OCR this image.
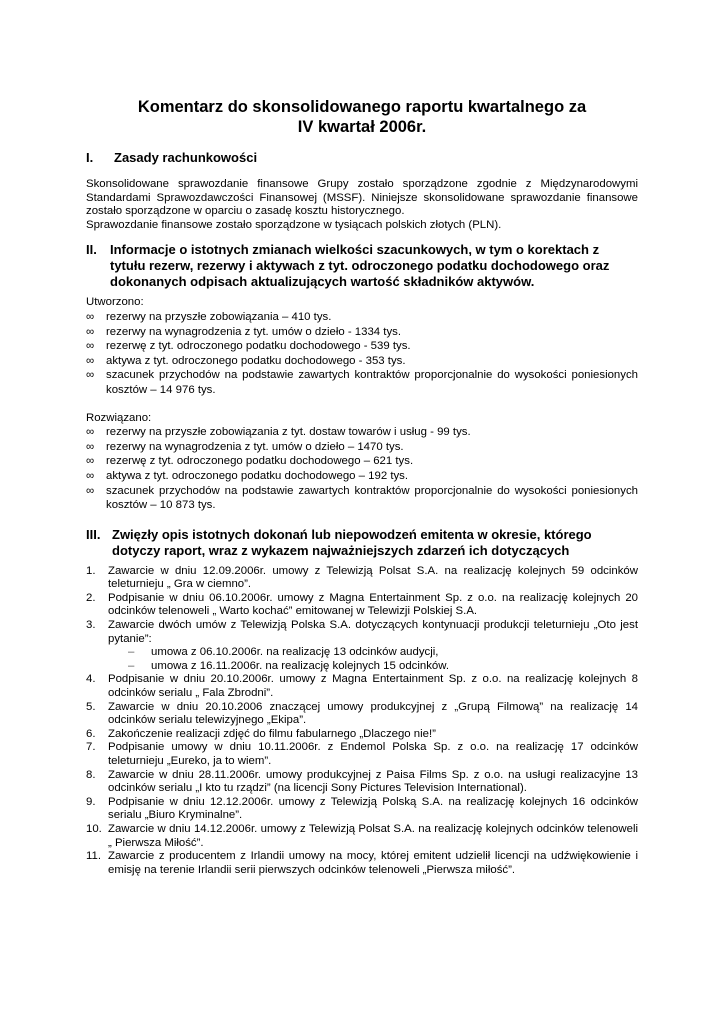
Komentarz do skonsolidowanego raportu kwartalnego za
IV kwartał 2006r.
I.	Zasady rachunkowości
Skonsolidowane sprawozdanie finansowe Grupy zostało sporządzone zgodnie z Międzynarodowymi Standardami Sprawozdawczości Finansowej (MSSF). Niniejsze skonsolidowane sprawozdanie finansowe zostało sporządzone w oparciu o zasadę kosztu historycznego.
Sprawozdanie finansowe zostało sporządzone w tysiącach polskich złotych (PLN).
II.	Informacje o istotnych zmianach wielkości szacunkowych, w tym o korektach z tytułu rezerw, rezerwy i aktywach z tyt. odroczonego podatku dochodowego oraz dokonanych odpisach aktualizujących wartość składników aktywów.
Utworzono:
∞	rezerwy na przyszłe zobowiązania – 410 tys.
∞	rezerwy na wynagrodzenia z tyt. umów o dzieło - 1334 tys.
∞	rezerwę z tyt. odroczonego podatku dochodowego - 539 tys.
∞	aktywa z tyt. odroczonego podatku dochodowego - 353 tys.
∞	szacunek przychodów na podstawie zawartych kontraktów proporcjonalnie do wysokości poniesionych kosztów – 14 976 tys.
Rozwiązano:
∞	rezerwy na przyszłe zobowiązania z tyt. dostaw towarów i usług - 99 tys.
∞	rezerwy na wynagrodzenia z tyt. umów o dzieło – 1470 tys.
∞	rezerwę z tyt. odroczonego podatku dochodowego – 621 tys.
∞	aktywa z tyt. odroczonego podatku dochodowego – 192 tys.
∞	szacunek przychodów na podstawie zawartych kontraktów proporcjonalnie do wysokości poniesionych kosztów – 10 873 tys.
III. Zwięzły opis istotnych dokonań lub niepowodzeń emitenta w okresie, którego dotyczy raport, wraz z wykazem najważniejszych zdarzeń ich dotyczących
1.	Zawarcie w dniu 12.09.2006r. umowy z Telewizją Polsat S.A. na realizację kolejnych 59 odcinków teleturnieju „ Gra w ciemno”.
2.	Podpisanie w dniu 06.10.2006r. umowy z Magna Entertainment Sp. z o.o. na realizację kolejnych 20 odcinków telenoweli „ Warto kochać” emitowanej w Telewizji Polskiej S.A.
3.	Zawarcie dwóch umów z Telewizją Polska S.A. dotyczących kontynuacji produkcji teleturnieju „Oto jest pytanie”:
–	umowa z 06.10.2006r. na realizację 13 odcinków audycji,
–	umowa z 16.11.2006r. na realizację kolejnych 15 odcinków.
4.	Podpisanie w dniu 20.10.2006r. umowy z Magna Entertainment Sp. z o.o. na realizację kolejnych 8 odcinków serialu „ Fala Zbrodni”.
5.	Zawarcie w dniu 20.10.2006 znaczącej umowy produkcyjnej z „Grupą Filmową” na realizację 14 odcinków serialu telewizyjnego „Ekipa”.
6.	Zakończenie realizacji zdjęć do filmu fabularnego „Dlaczego nie!”
7.	Podpisanie umowy w dniu 10.11.2006r. z Endemol Polska Sp. z o.o. na realizację 17 odcinków teleturnieju „Eureko, ja to wiem”.
8.	Zawarcie w dniu 28.11.2006r. umowy produkcyjnej z Paisa Films Sp. z o.o. na usługi realizacyjne 13 odcinków serialu „I kto tu rządzi” (na licencji Sony Pictures Television International).
9.	Podpisanie w dniu 12.12.2006r. umowy z Telewizją Polską S.A. na realizację kolejnych 16 odcinków serialu „Biuro Kryminalne”.
10. Zawarcie w dniu 14.12.2006r. umowy z Telewizją Polsat S.A. na realizację kolejnych odcinków telenoweli „ Pierwsza Miłość”.
11. Zawarcie z producentem z Irlandii umowy na mocy, której emitent udzielił licencji na udźwiękowienie i emisję na terenie Irlandii serii pierwszych odcinków telenoweli „Pierwsza miłość”.
